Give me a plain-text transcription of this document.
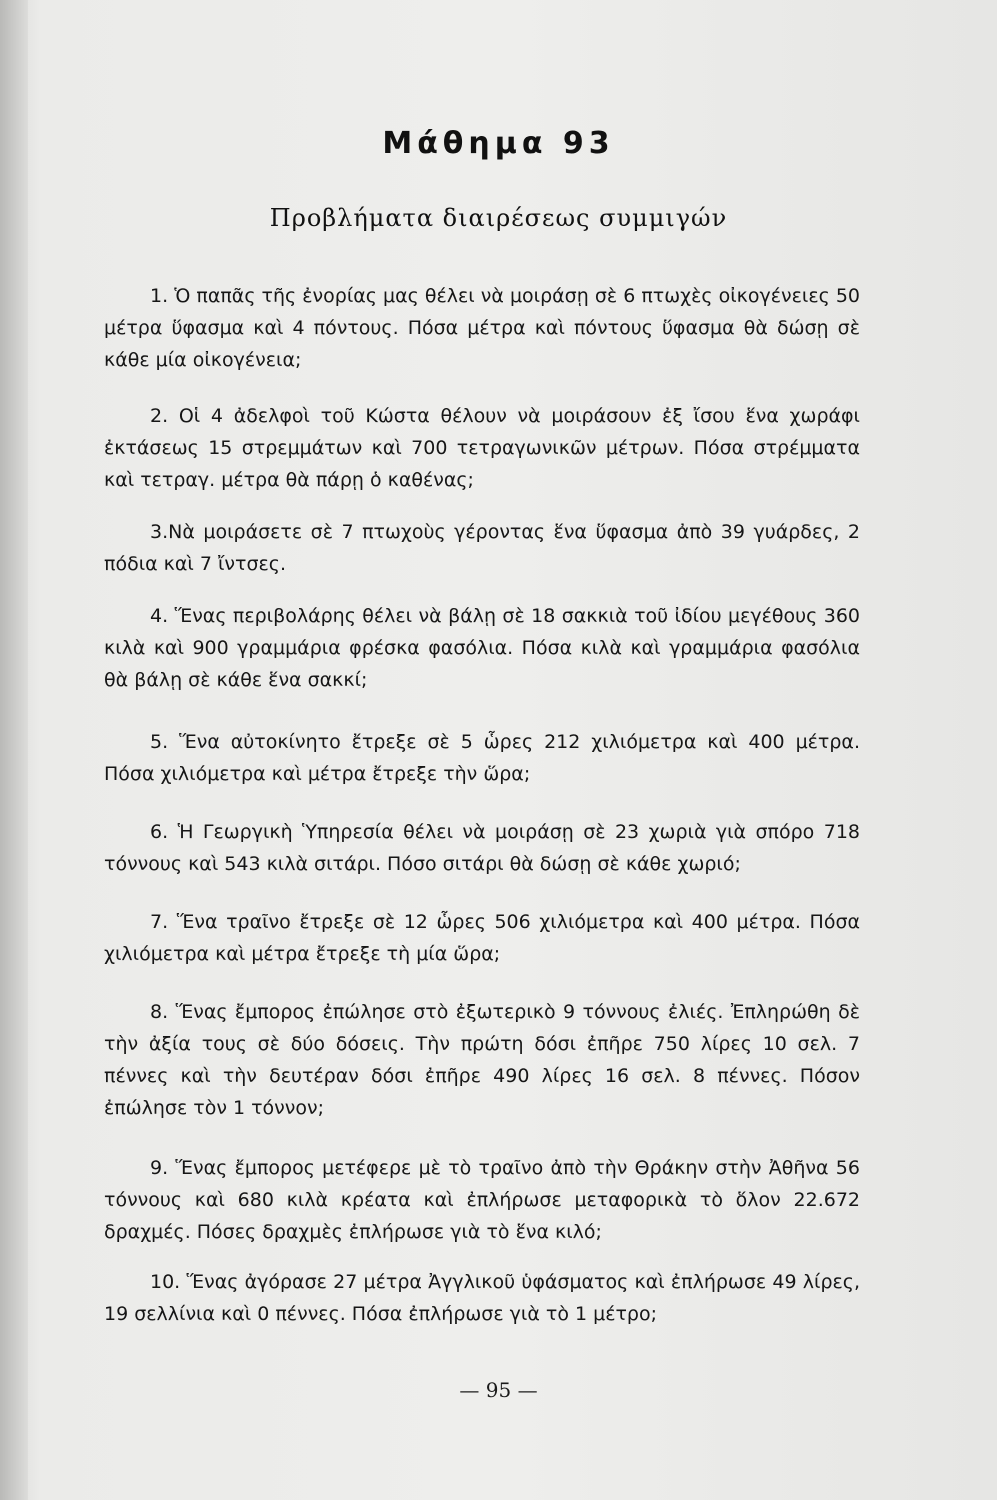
Μάθημα 93
Προβλήματα διαιρέσεως συμμιγών

1. Ὁ παπᾶς τῆς ἐνορίας μας θέλει νὰ μοιράσῃ σὲ 6 πτωχὲς οἰκογένειες 50 μέτρα ὕφασμα καὶ 4 πόντους. Πόσα μέτρα καὶ πόντους ὕφασμα θὰ δώσῃ σὲ κάθε μία οἰκογένεια;

2. Οἱ 4 ἀδελφοὶ τοῦ Κώστα θέλουν νὰ μοιράσουν ἐξ ἴσου ἕνα χωράφι ἐκτάσεως 15 στρεμμάτων καὶ 700 τετραγωνικῶν μέτρων. Πόσα στρέμματα καὶ τετραγ. μέτρα θὰ πάρῃ ὁ καθένας;

3.Νὰ μοιράσετε σὲ 7 πτωχοὺς γέροντας ἕνα ὕφασμα ἀπὸ 39 γυάρδες, 2 πόδια καὶ 7 ἴντσες.

4. Ἕνας περιβολάρης θέλει νὰ βάλῃ σὲ 18 σακκιὰ τοῦ ἰδίου μεγέθους 360 κιλὰ καὶ 900 γραμμάρια φρέσκα φασόλια. Πόσα κιλὰ καὶ γραμμάρια φασόλια θὰ βάλῃ σὲ κάθε ἕνα σακκί;

5. Ἕνα αὐτοκίνητο ἔτρεξε σὲ 5 ὧρες 212 χιλιόμετρα καὶ 400 μέτρα. Πόσα χιλιόμετρα καὶ μέτρα ἔτρεξε τὴν ὥρα;

6. Ἡ Γεωργικὴ Ὑπηρεσία θέλει νὰ μοιράσῃ σὲ 23 χωριὰ γιὰ σπόρο 718 τόννους καὶ 543 κιλὰ σιτάρι. Πόσο σιτάρι θὰ δώσῃ σὲ κάθε χωριό;

7. Ἕνα τραῖνο ἔτρεξε σὲ 12 ὧρες 506 χιλιόμετρα καὶ 400 μέτρα. Πόσα χιλιόμετρα καὶ μέτρα ἔτρεξε τὴ μία ὥρα;

8. Ἕνας ἔμπορος ἐπώλησε στὸ ἐξωτερικὸ 9 τόννους ἐλιές. Ἐπληρώθη δὲ τὴν ἀξία τους σὲ δύο δόσεις. Τὴν πρώτη δόσι ἐπῆρε 750 λίρες 10 σελ. 7 πέννες καὶ τὴν δευτέραν δόσι ἐπῆρε 490 λίρες 16 σελ. 8 πέννες. Πόσον ἐπώλησε τὸν 1 τόννον;

9. Ἕνας ἔμπορος μετέφερε μὲ τὸ τραῖνο ἀπὸ τὴν Θράκην στὴν Ἀθῆνα 56 τόννους καὶ 680 κιλὰ κρέατα καὶ ἐπλήρωσε μεταφορικὰ τὸ ὅλον 22.672 δραχμές. Πόσες δραχμὲς ἐπλήρωσε γιὰ τὸ ἕνα κιλό;

10. Ἕνας ἀγόρασε 27 μέτρα Ἀγγλικοῦ ὑφάσματος καὶ ἐπλήρωσε 49 λίρες, 19 σελλίνια καὶ 0 πέννες. Πόσα ἐπλήρωσε γιὰ τὸ 1 μέτρο;

— 95 —
